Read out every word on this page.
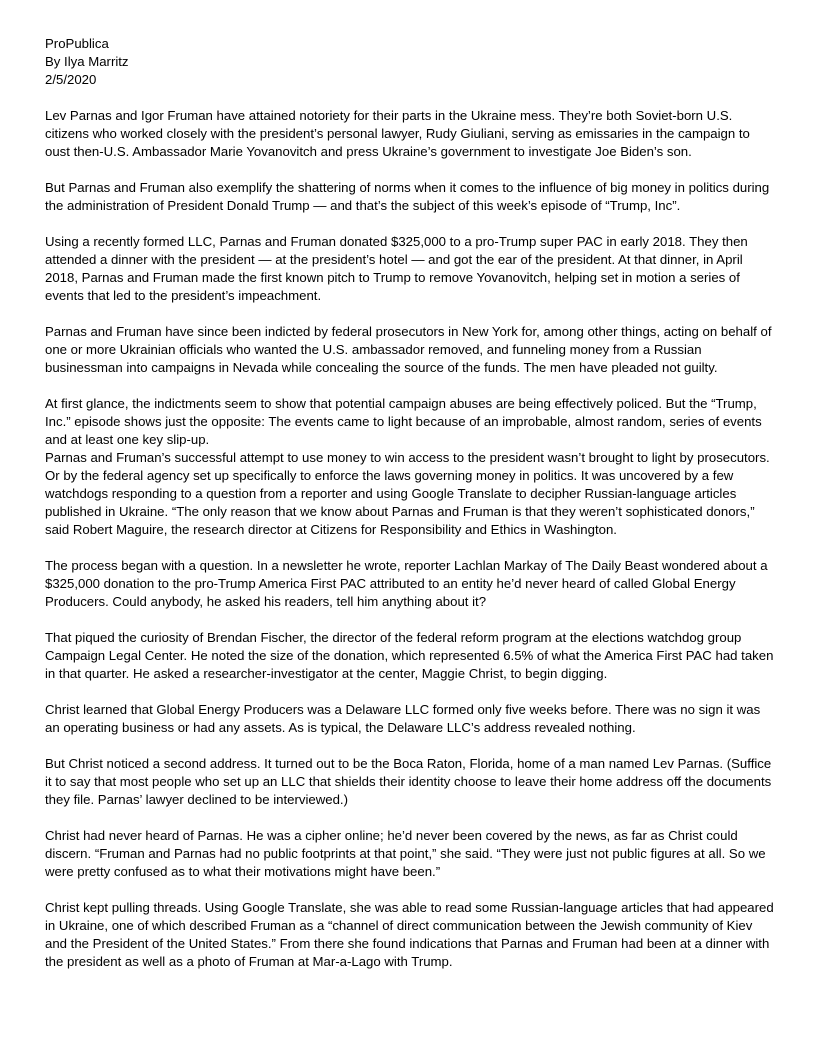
ProPublica
By Ilya Marritz
2/5/2020

Lev Parnas and Igor Fruman have attained notoriety for their parts in the Ukraine mess. They’re both Soviet-born U.S. citizens who worked closely with the president’s personal lawyer, Rudy Giuliani, serving as emissaries in the campaign to oust then-U.S. Ambassador Marie Yovanovitch and press Ukraine’s government to investigate Joe Biden’s son.

But Parnas and Fruman also exemplify the shattering of norms when it comes to the influence of big money in politics during the administration of President Donald Trump — and that’s the subject of this week’s episode of “Trump, Inc”.

Using a recently formed LLC, Parnas and Fruman donated $325,000 to a pro-Trump super PAC in early 2018. They then attended a dinner with the president — at the president’s hotel — and got the ear of the president. At that dinner, in April 2018, Parnas and Fruman made the first known pitch to Trump to remove Yovanovitch, helping set in motion a series of events that led to the president’s impeachment.

Parnas and Fruman have since been indicted by federal prosecutors in New York for, among other things, acting on behalf of one or more Ukrainian officials who wanted the U.S. ambassador removed, and funneling money from a Russian businessman into campaigns in Nevada while concealing the source of the funds. The men have pleaded not guilty.

At first glance, the indictments seem to show that potential campaign abuses are being effectively policed. But the “Trump, Inc.” episode shows just the opposite: The events came to light because of an improbable, almost random, series of events and at least one key slip-up.

Parnas and Fruman’s successful attempt to use money to win access to the president wasn’t brought to light by prosecutors. Or by the federal agency set up specifically to enforce the laws governing money in politics. It was uncovered by a few watchdogs responding to a question from a reporter and using Google Translate to decipher Russian-language articles published in Ukraine. “The only reason that we know about Parnas and Fruman is that they weren’t sophisticated donors,” said Robert Maguire, the research director at Citizens for Responsibility and Ethics in Washington.

The process began with a question. In a newsletter he wrote, reporter Lachlan Markay of The Daily Beast wondered about a $325,000 donation to the pro-Trump America First PAC attributed to an entity he’d never heard of called Global Energy Producers. Could anybody, he asked his readers, tell him anything about it?

That piqued the curiosity of Brendan Fischer, the director of the federal reform program at the elections watchdog group Campaign Legal Center. He noted the size of the donation, which represented 6.5% of what the America First PAC had taken in that quarter. He asked a researcher-investigator at the center, Maggie Christ, to begin digging.

Christ learned that Global Energy Producers was a Delaware LLC formed only five weeks before. There was no sign it was an operating business or had any assets. As is typical, the Delaware LLC’s address revealed nothing.

But Christ noticed a second address. It turned out to be the Boca Raton, Florida, home of a man named Lev Parnas. (Suffice it to say that most people who set up an LLC that shields their identity choose to leave their home address off the documents they file. Parnas’ lawyer declined to be interviewed.)

Christ had never heard of Parnas. He was a cipher online; he’d never been covered by the news, as far as Christ could discern. “Fruman and Parnas had no public footprints at that point,” she said. “They were just not public figures at all. So we were pretty confused as to what their motivations might have been.”

Christ kept pulling threads. Using Google Translate, she was able to read some Russian-language articles that had appeared in Ukraine, one of which described Fruman as a “channel of direct communication between the Jewish community of Kiev and the President of the United States.” From there she found indications that Parnas and Fruman had been at a dinner with the president as well as a photo of Fruman at Mar-a-Lago with Trump.
